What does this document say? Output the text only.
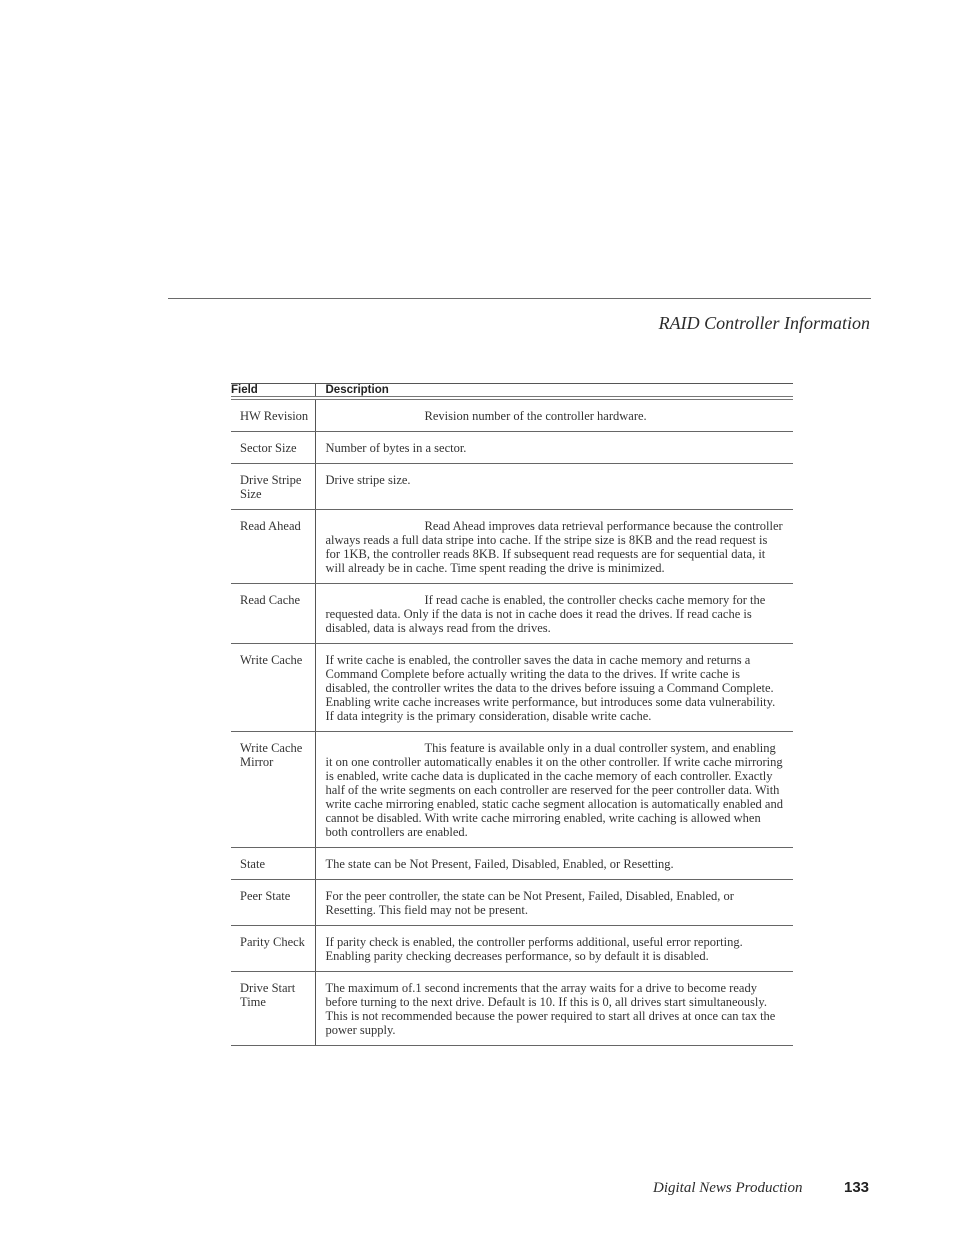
RAID Controller Information
Field	Description
HW Revision	Revision number of the controller hardware.

Sector Size	Number of bytes in a sector.

Drive Stripe Size	Drive stripe size.

Read Ahead	Read Ahead improves data retrieval performance because the controller always reads a full data stripe into cache. If the stripe size is 8KB and the read request is for 1KB, the controller reads 8KB. If subsequent read requests are for sequential data, it will already be in cache. Time spent reading the drive is minimized.

Read Cache	If read cache is enabled, the controller checks cache memory for the requested data. Only if the data is not in cache does it read the drives. If read cache is disabled, data is always read from the drives.

Write Cache	If write cache is enabled, the controller saves the data in cache memory and returns a Command Complete before actually writing the data to the drives. If write cache is disabled, the controller writes the data to the drives before issuing a Command Complete. Enabling write cache increases write performance, but introduces some data vulnerability. If data integrity is the primary consideration, disable write cache.

Write Cache Mirror	This feature is available only in a dual controller system, and enabling it on one controller automatically enables it on the other controller. If write cache mirroring is enabled, write cache data is duplicated in the cache memory of each controller. Exactly half of the write segments on each controller are reserved for the peer controller data. With write cache mirroring enabled, static cache segment allocation is automatically enabled and cannot be disabled. With write cache mirroring enabled, write caching is allowed when both controllers are enabled.

State	The state can be Not Present, Failed, Disabled, Enabled, or Resetting.

Peer State	For the peer controller, the state can be Not Present, Failed, Disabled, Enabled, or Resetting. This field may not be present.

Parity Check	If parity check is enabled, the controller performs additional, useful error reporting. Enabling parity checking decreases performance, so by default it is disabled.

Drive Start Time	The maximum of.1 second increments that the array waits for a drive to become ready before turning to the next drive. Default is 10. If this is 0, all drives start simultaneously. This is not recommended because the power required to start all drives at once can tax the power supply.
Digital News Production	133
